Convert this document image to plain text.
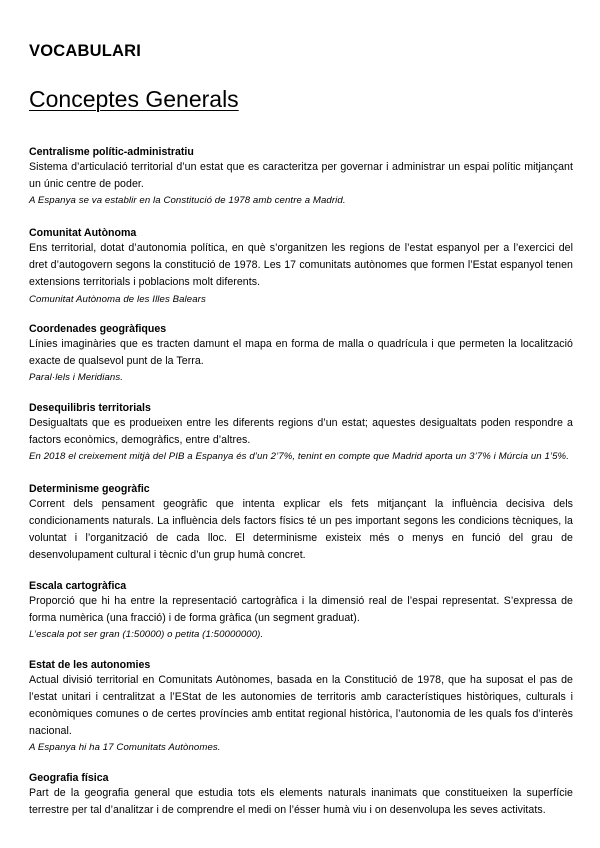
VOCABULARI
Conceptes Generals

Centralisme polític-administratiu

Sistema d’articulació territorial d’un estat que es caracteritza per governar i administrar un espai polític mitjançant un únic centre de poder.

A Espanya se va establir en la Constitució de 1978 amb centre a Madrid.

Comunitat Autònoma

Ens territorial, dotat d’autonomia política, en què s’organitzen les regions de l’estat espanyol per a l’exercici del dret d’autogovern segons la constitució de 1978. Les 17 comunitats autònomes que formen l’Estat espanyol tenen extensions territorials i poblacions molt diferents.

Comunitat Autònoma de les Illes Balears

Coordenades geogràfiques

Línies imaginàries que es tracten damunt el mapa en forma de malla o quadrícula i que permeten la localització exacte de qualsevol punt de la Terra.

Paral·lels i Meridians.

Desequilibris territorials

Desigualtats que es produeixen entre les diferents regions d’un estat; aquestes desigualtats poden respondre a factors econòmics, demogràfics, entre d’altres.

En 2018 el creixement mitjà del PIB a Espanya és d’un 2’7%, tenint en compte que Madrid aporta un 3’7% i Múrcia un 1’5%.

Determinisme geogràfic

Corrent dels pensament geogràfic que intenta explicar els fets mitjançant la influència decisiva dels condicionaments naturals. La influència dels factors físics té un pes important segons les condicions tècniques, la voluntat i l’organització de cada lloc. El determinisme existeix més o menys en funció del grau de desenvolupament cultural i tècnic d’un grup humà concret.

Escala cartogràfica

Proporció que hi ha entre la representació cartogràfica i la dimensió real de l’espai representat. S’expressa de forma numèrica (una fracció) i de forma gràfica (un segment graduat).

L’escala pot ser gran (1:50000) o petita (1:50000000).

Estat de les autonomies

Actual divisió territorial en Comunitats Autònomes, basada en la Constitució de 1978, que ha suposat el pas de l’estat unitari i centralitzat a l’EStat de les autonomies de territoris amb característiques històriques, culturals i econòmiques comunes o de certes províncies amb entitat regional històrica, l’autonomia de les quals fos d’interès nacional.

A Espanya hi ha 17 Comunitats Autònomes.

Geografia física

Part de la geografia general que estudia tots els elements naturals inanimats que constitueixen la superfície terrestre per tal d’analitzar i de comprendre el medi on l’ésser humà viu i on desenvolupa les seves activitats.
